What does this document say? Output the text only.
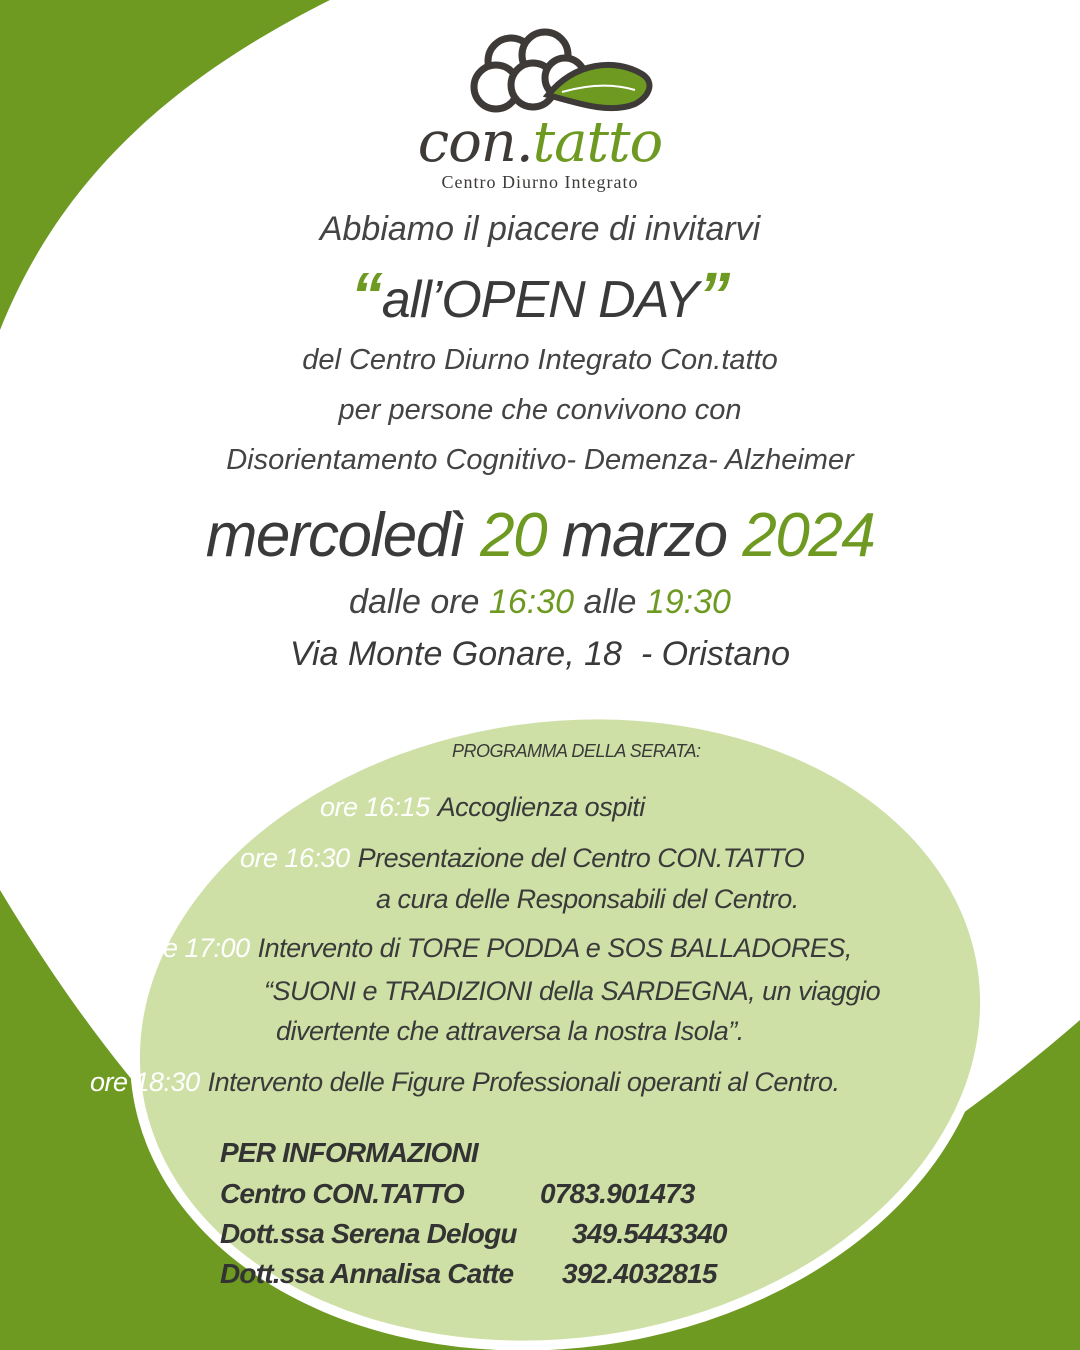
con.tatto
Centro Diurno Integrato
Abbiamo il piacere di invitarvi
“all’OPEN DAY”
del Centro Diurno Integrato Con.tatto
per persone che convivono con
Disorientamento Cognitivo- Demenza- Alzheimer
mercoledì 20 marzo 2024
dalle ore 16:30 alle 19:30
Via Monte Gonare, 18  - Oristano
PROGRAMMA DELLA SERATA:
ore 16:15 Accoglienza ospiti
ore 16:30 Presentazione del Centro CON.TATTO
a cura delle Responsabili del Centro.
ore 17:00 Intervento di TORE PODDA e SOS BALLADORES,
“SUONI e TRADIZIONI della SARDEGNA, un viaggio
divertente che attraversa la nostra Isola”.
ore 18:30 Intervento delle Figure Professionali operanti al Centro.
PER INFORMAZIONI
Centro CON.TATTO	0783.901473
Dott.ssa Serena Delogu 349.5443340
Dott.ssa Annalisa Catte 392.4032815
